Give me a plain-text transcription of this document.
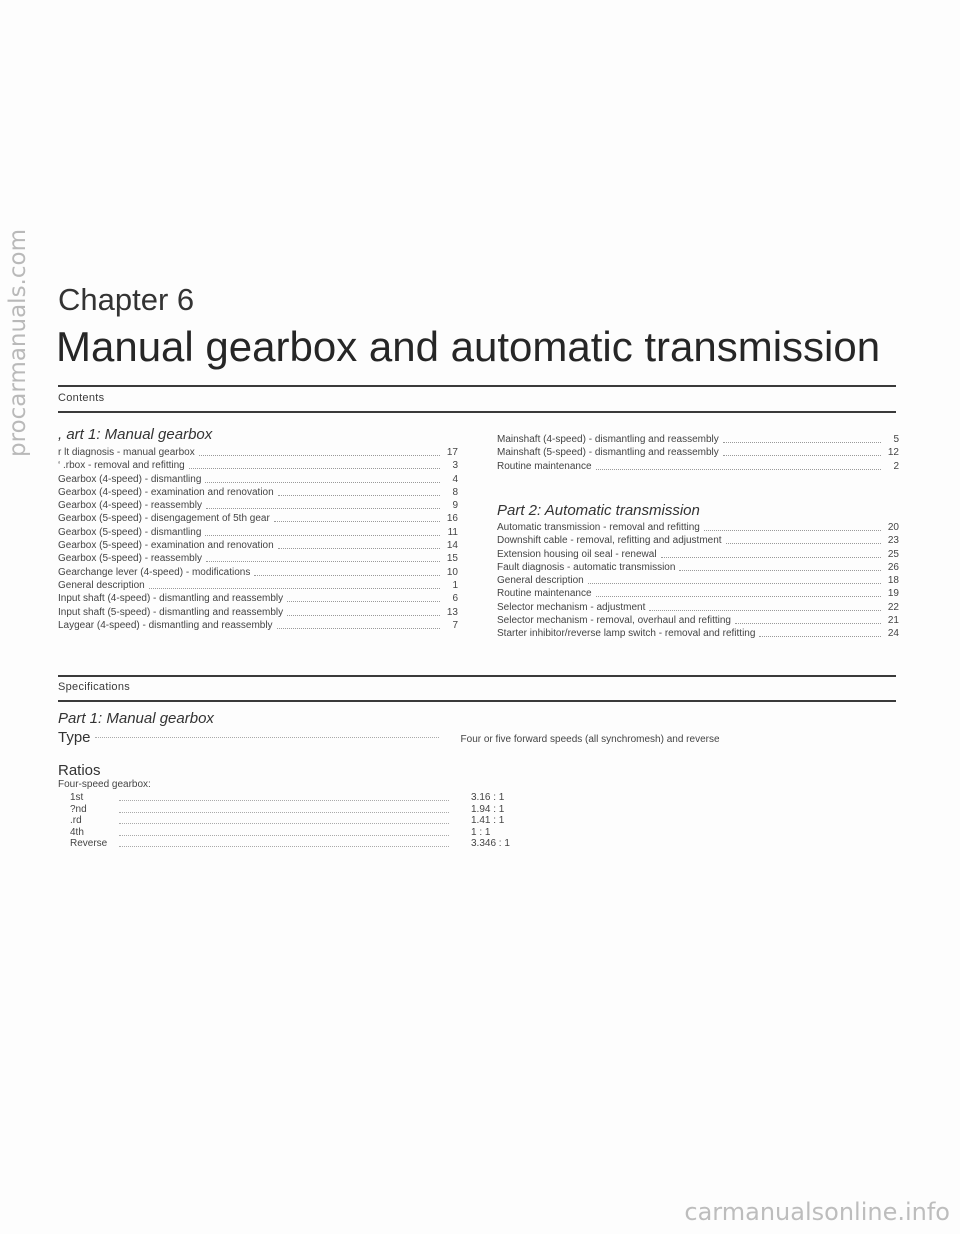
procarmanuals.com Chapter 6
Manual gearbox and automatic transmission
Contents
, art 1: Manual gearbox
r lt diagnosis - manual gearbox	17
‘ .rbox - removal and refitting	3
Gearbox (4-speed) - dismantling	4
Gearbox (4-speed) - examination and renovation	8
Gearbox (4-speed) - reassembly	9
Gearbox (5-speed) - disengagement of 5th gear	16
Gearbox (5-speed) - dismantling	11
Gearbox (5-speed) - examination and renovation	14
Gearbox (5-speed) - reassembly	15
Gearchange lever (4-speed) - modifications	10
General description	1
Input shaft (4-speed) - dismantling and reassembly	6
Input shaft (5-speed) - dismantling and reassembly	13
Laygear (4-speed) - dismantling and reassembly	7
Mainshaft (4-speed) - dismantling and reassembly	5
Mainshaft (5-speed) - dismantling and reassembly	12
Routine maintenance	2
Part 2: Automatic transmission
Automatic transmission - removal and refitting	20
Downshift cable - removal, refitting and adjustment	23
Extension housing oil seal - renewal	25
Fault diagnosis - automatic transmission	26
General description	18
Routine maintenance	19
Selector mechanism - adjustment	22
Selector mechanism - removal, overhaul and refitting	21
Starter inhibitor/reverse lamp switch - removal and refitting	24
Specifications
Part 1: Manual gearbox
Type	Four or five forward speeds (all synchromesh) and reverse
Ratios
Four-speed gearbox:
1st	3.16 : 1
?nd	1.94 : 1
.rd	1.41 : 1
4th	1 : 1
Reverse	3.346 : 1
carmanualsonline.info
